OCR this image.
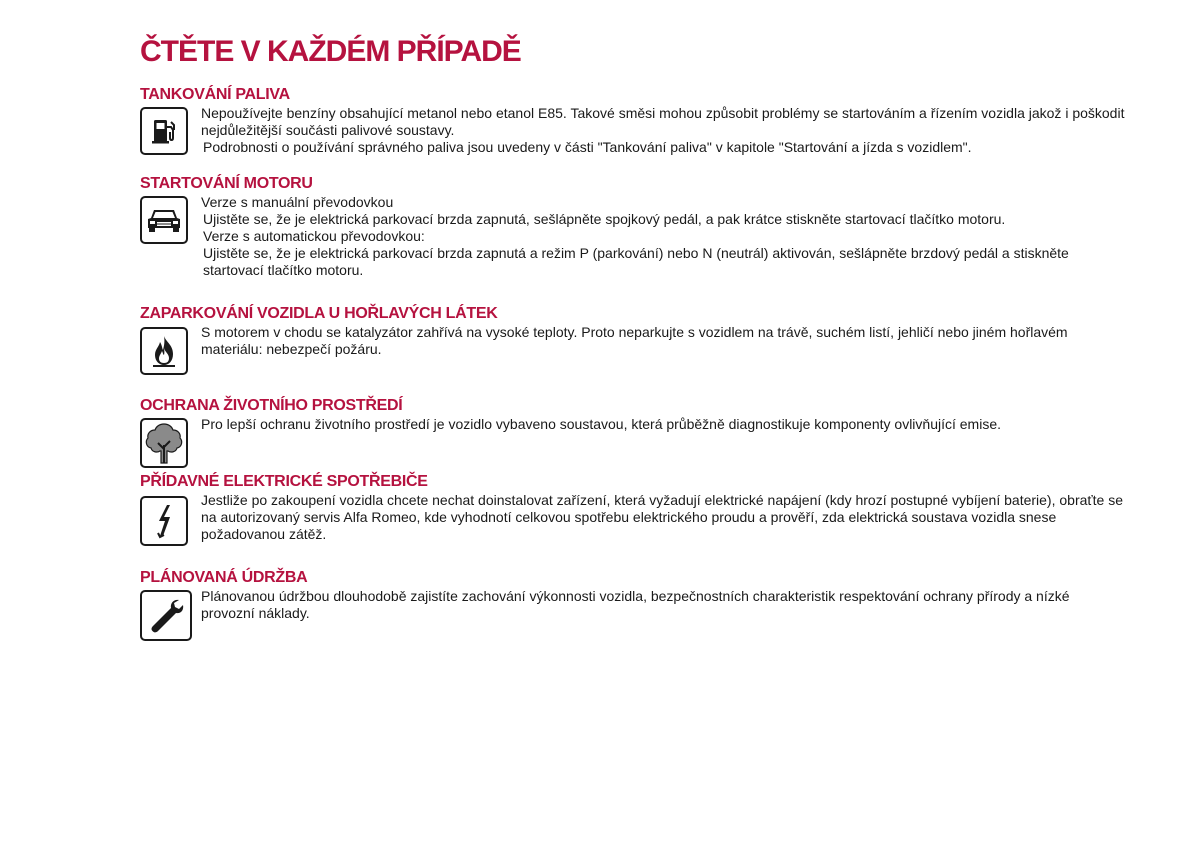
ČTĚTE V KAŽDÉM PŘÍPADĚ
TANKOVÁNÍ PALIVA

Nepoužívejte benzíny obsahující metanol nebo etanol E85. Takové směsi mohou způsobit problémy se startováním a řízením vozidla jakož i poškodit nejdůležitější součásti palivové soustavy.

Podrobnosti o používání správného paliva jsou uvedeny v části "Tankování paliva" v kapitole "Startování a jízda s vozidlem".

STARTOVÁNÍ MOTORU

Verze s manuální převodovkou

Ujistěte se, že je elektrická parkovací brzda zapnutá, sešlápněte spojkový pedál, a pak krátce stiskněte startovací tlačítko motoru.

Verze s automatickou převodovkou:

Ujistěte se, že je elektrická parkovací brzda zapnutá a režim P (parkování) nebo N (neutrál) aktivován, sešlápněte brzdový pedál a stiskněte startovací tlačítko motoru.

ZAPARKOVÁNÍ VOZIDLA U HOŘLAVÝCH LÁTEK

S motorem v chodu se katalyzátor zahřívá na vysoké teploty. Proto neparkujte s vozidlem na trávě, suchém listí, jehličí nebo jiném hořlavém materiálu: nebezpečí požáru.

OCHRANA ŽIVOTNÍHO PROSTŘEDÍ

Pro lepší ochranu životního prostředí je vozidlo vybaveno soustavou, která průběžně diagnostikuje komponenty ovlivňující emise.

PŘÍDAVNÉ ELEKTRICKÉ SPOTŘEBIČE

Jestliže po zakoupení vozidla chcete nechat doinstalovat zařízení, která vyžadují elektrické napájení (kdy hrozí postupné vybíjení baterie), obraťte se na autorizovaný servis Alfa Romeo, kde vyhodnotí celkovou spotřebu elektrického proudu a prověří, zda elektrická soustava vozidla snese požadovanou zátěž.

PLÁNOVANÁ ÚDRŽBA

Plánovanou údržbou dlouhodobě zajistíte zachování výkonnosti vozidla, bezpečnostních charakteristik respektování ochrany přírody a nízké provozní náklady.
